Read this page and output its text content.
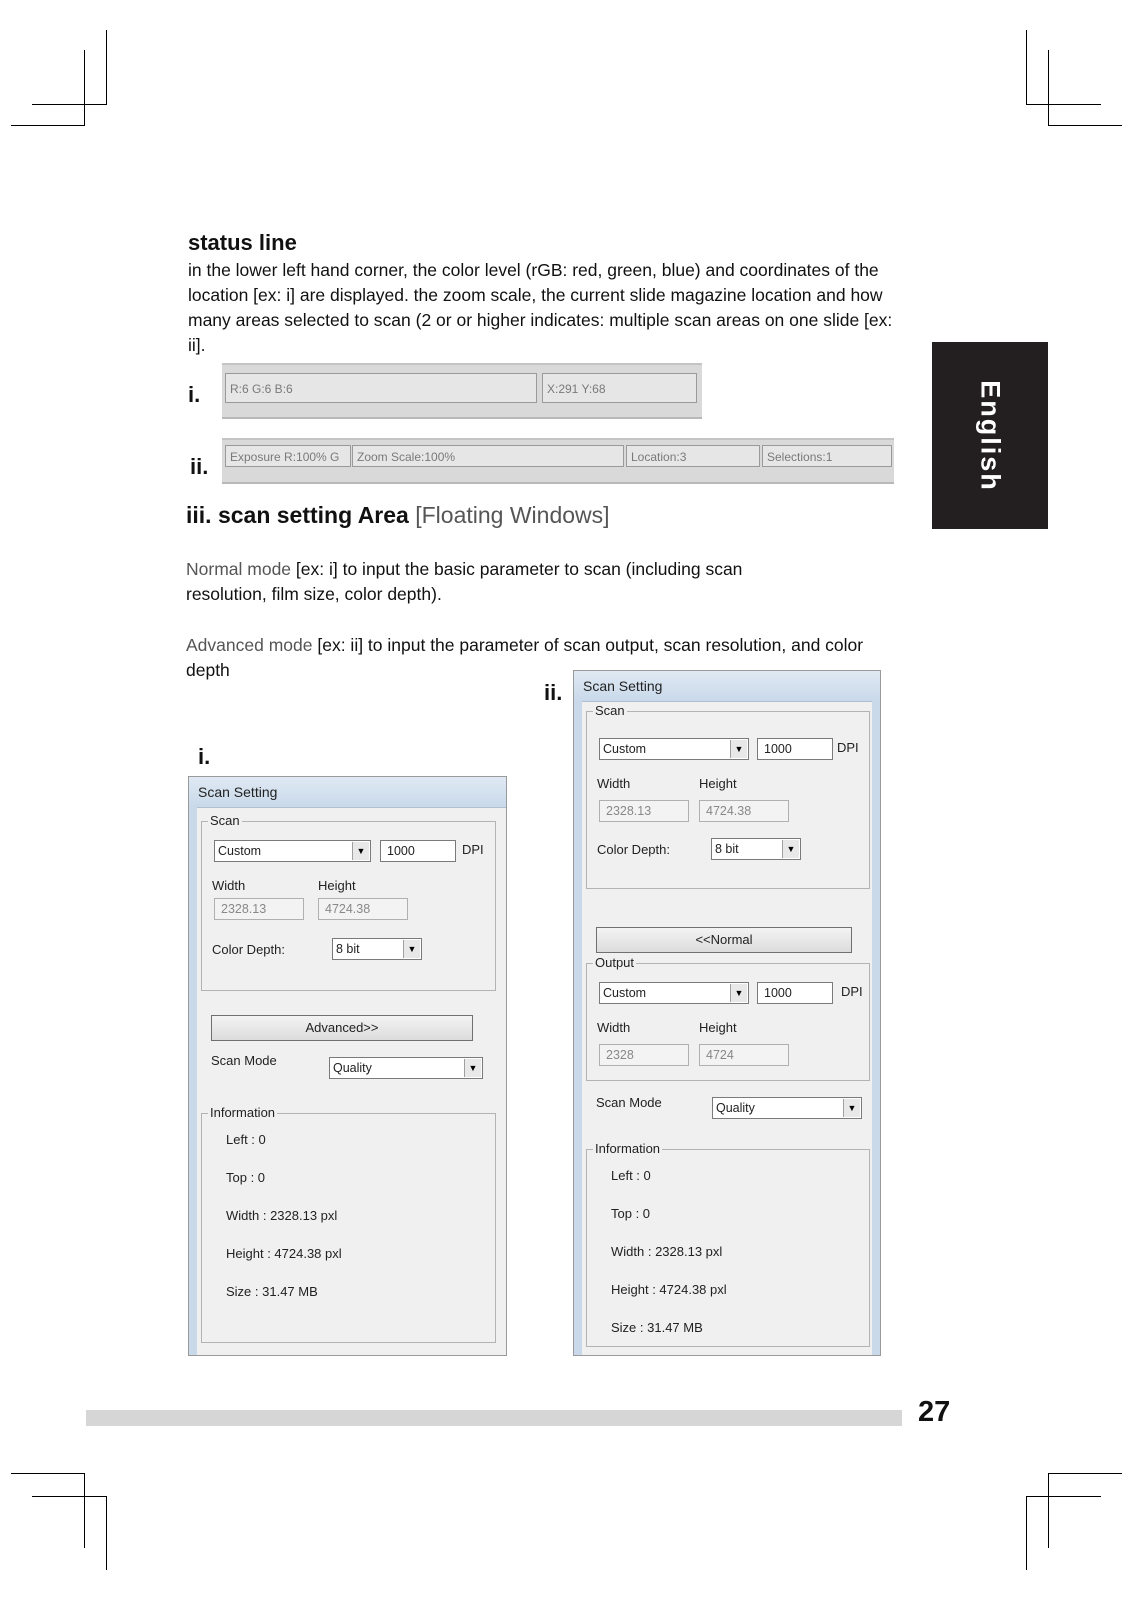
status line
in the lower left hand corner, the color level (rGB: red, green, blue) and coordinates of the location [ex: i] are displayed. the zoom scale, the current slide magazine location and how many areas selected to scan (2 or or higher indicates: multiple scan areas on one slide [ex: ii].
i.	R:6 G:6 B:6	X:291 Y:68
ii.	Exposure R:100% G	Zoom Scale:100%	Location:3	Selections:1	English
iii. scan setting Area [Floating Windows]
Normal mode [ex: i] to input the basic parameter to scan (including scan resolution, film size, color depth).
Advanced mode [ex: ii] to input the parameter of scan output, scan resolution, and color depth
i.
Scan Setting
Scan
Custom	▼	1000	DPI
Width	Height
2328.13	4724.38
Color Depth:	8 bit	▼
Advanced>>
Scan Mode	Quality	▼
Information
Left : 0
Top : 0
Width : 2328.13 pxl
Height : 4724.38 pxl
Size : 31.47 MB
ii. Scan Setting
Scan
Custom	▼	1000	DPI
Width	Height
2328.13	4724.38
Color Depth:	8 bit	▼
<<Normal
Output
Custom	▼	1000	DPI
Width	Height
2328	4724
Scan Mode	Quality	▼
Information
Left : 0
Top : 0
Width : 2328.13 pxl
Height : 4724.38 pxl
Size : 31.47 MB
27
